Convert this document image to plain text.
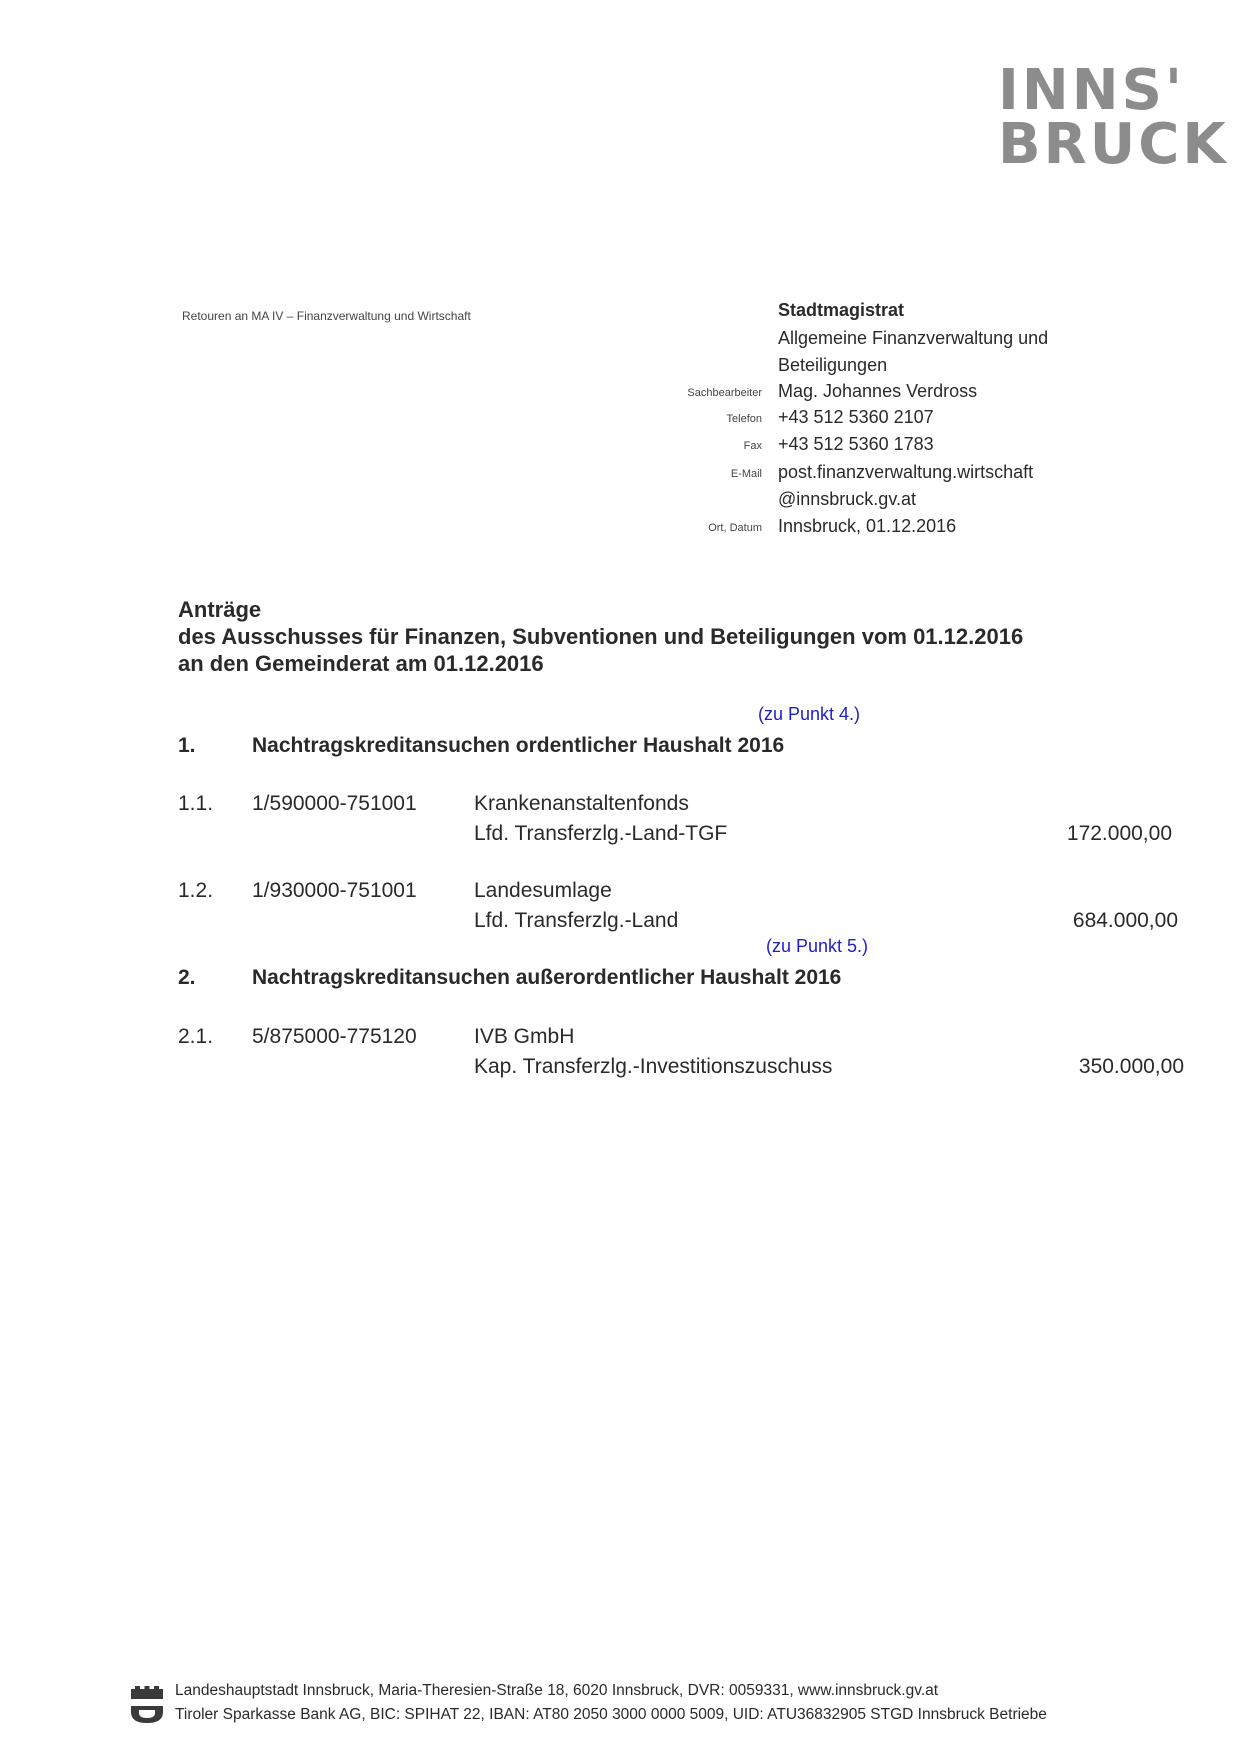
INNS'
BRUCK
Retouren an MA IV – Finanzverwaltung und Wirtschaft	Stadtmagistrat
Allgemeine Finanzverwaltung und
Beteiligungen
Sachbearbeiter Mag. Johannes Verdross
Telefon +43 512 5360 2107
Fax +43 512 5360 1783
E-Mail post.finanzverwaltung.wirtschaft
@innsbruck.gv.at
Ort, Datum Innsbruck, 01.12.2016
Anträge
des Ausschusses für Finanzen, Subventionen und Beteiligungen vom 01.12.2016
an den Gemeinderat am 01.12.2016
(zu Punkt 4.)
1.	Nachtragskreditansuchen ordentlicher Haushalt 2016
1.1. 1/590000-751001	Krankenanstaltenfonds
Lfd. Transferzlg.-Land-TGF	172.000,00
1.2. 1/930000-751001	Landesumlage
Lfd. Transferzlg.-Land	684.000,00
(zu Punkt 5.)
2.	Nachtragskreditansuchen außerordentlicher Haushalt 2016
2.1. 5/875000-775120	IVB GmbH
Kap. Transferzlg.-Investitionszuschuss	350.000,00
Landeshauptstadt Innsbruck, Maria-Theresien-Straße 18, 6020 Innsbruck, DVR: 0059331, www.innsbruck.gv.at
Tiroler Sparkasse Bank AG, BIC: SPIHAT 22, IBAN: AT80 2050 3000 0000 5009, UID: ATU36832905 STGD Innsbruck Betriebe
